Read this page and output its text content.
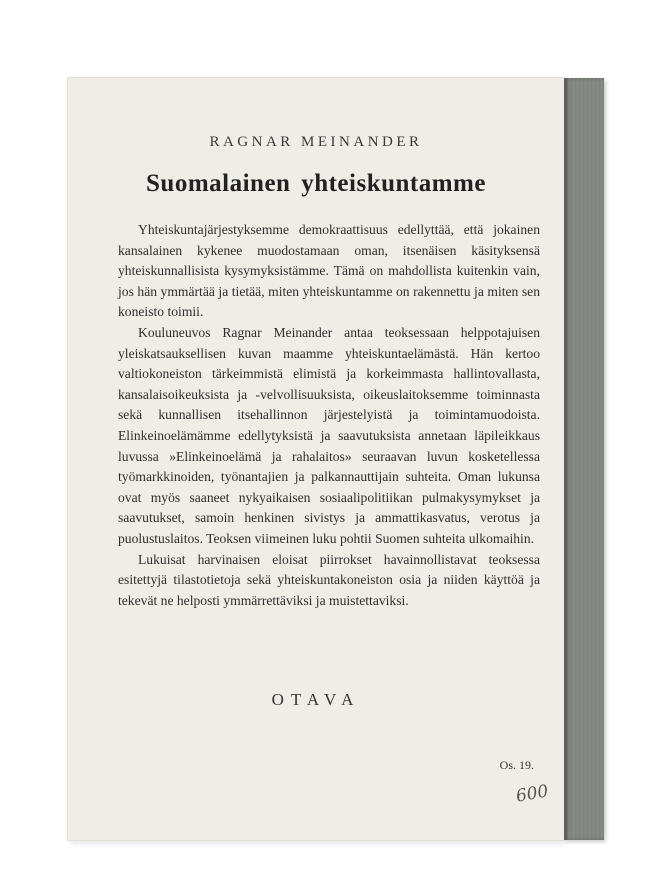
RAGNAR MEINANDER
Suomalainen yhteiskuntamme

Yhteiskuntajärjestyksemme demokraattisuus edellyttää, että jokainen kansalainen kykenee muodostamaan oman, itsenäisen käsityksensä yhteiskunnallisista kysymyksistämme. Tämä on mahdollista kuitenkin vain, jos hän ymmärtää ja tietää, miten yhteiskuntamme on rakennettu ja miten sen koneisto toimii.

Kouluneuvos Ragnar Meinander antaa teoksessaan helppotajuisen yleiskatsauksellisen kuvan maamme yhteiskuntaelämästä. Hän kertoo valtiokoneiston tärkeimmistä elimistä ja korkeimmasta hallintovallasta, kansalaisoikeuksista ja -velvollisuuksista, oikeuslaitoksemme toiminnasta sekä kunnallisen itsehallinnon järjestelyistä ja toimintamuodoista. Elinkeinoelämämme edellytyksistä ja saavutuksista annetaan läpileikkaus luvussa »Elinkeinoelämä ja rahalaitos» seuraavan luvun kosketellessa työmarkkinoiden, työnantajien ja palkannauttijain suhteita. Oman lukunsa ovat myös saaneet nykyaikaisen sosiaalipolitiikan pulmakysymykset ja saavutukset, samoin henkinen sivistys ja ammattikasvatus, verotus ja puolustuslaitos. Teoksen viimeinen luku pohtii Suomen suhteita ulkomaihin.

Lukuisat harvinaisen eloisat piirrokset havainnollistavat teoksessa esitettyjä tilastotietoja sekä yhteiskuntakoneiston osia ja niiden käyttöä ja tekevät ne helposti ymmärrettäviksi ja muistettaviksi.

OTAVA
Os. 19.
600
